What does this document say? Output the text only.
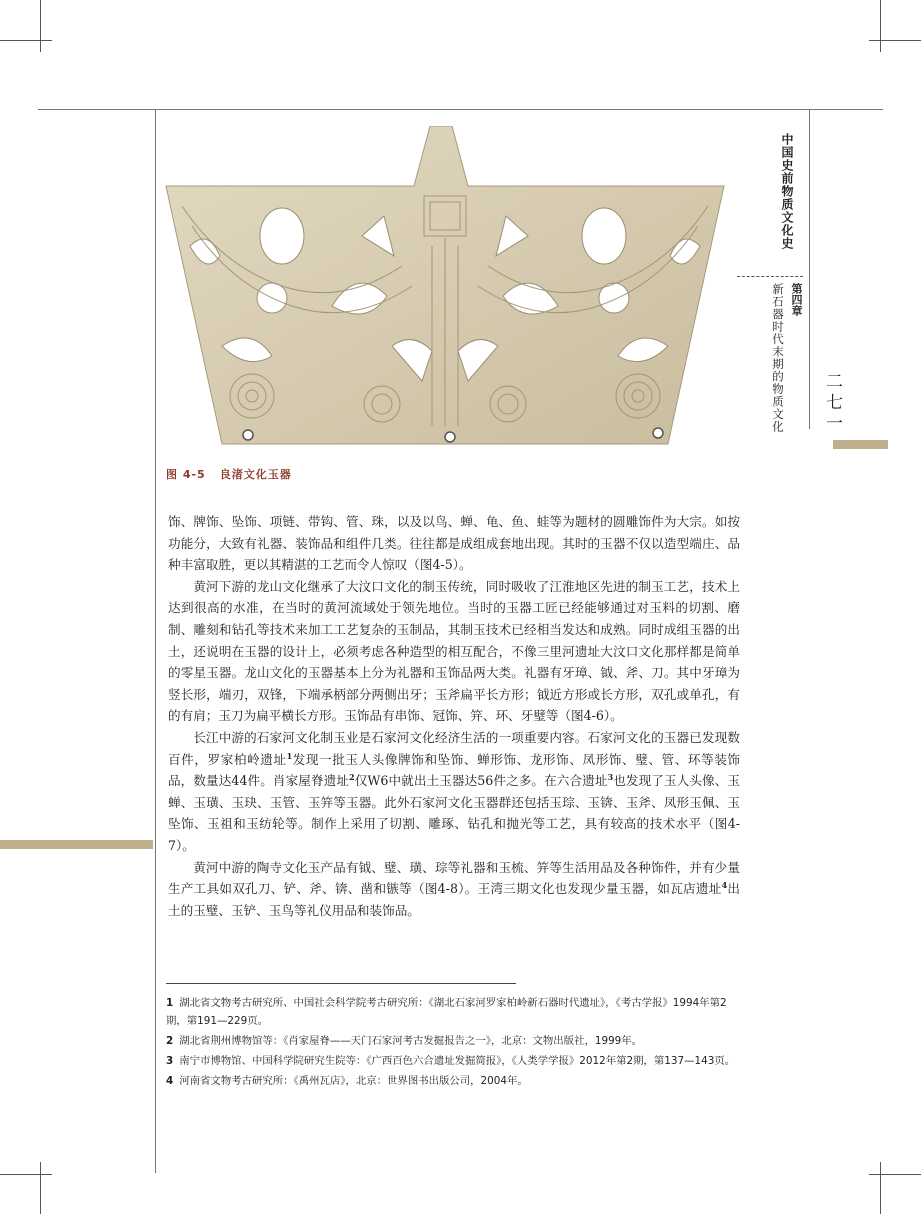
图 4-5 良渚文化玉器
中国史前物质文化史
第四章
新石器时代末期的物质文化 二七一

饰、牌饰、坠饰、项链、带钩、管、珠，以及以鸟、蝉、龟、鱼、蛙等为题材的圆雕饰件为大宗。如按功能分，大致有礼器、装饰品和组件几类。往往都是成组成套地出现。其时的玉器不仅以造型端庄、品种丰富取胜，更以其精湛的工艺而令人惊叹（图4-5）。

黄河下游的龙山文化继承了大汶口文化的制玉传统，同时吸收了江淮地区先进的制玉工艺，技术上达到很高的水准，在当时的黄河流域处于领先地位。当时的玉器工匠已经能够通过对玉料的切割、磨制、雕刻和钻孔等技术来加工工艺复杂的玉制品，其制玉技术已经相当发达和成熟。同时成组玉器的出土，还说明在玉器的设计上，必须考虑各种造型的相互配合，不像三里河遗址大汶口文化那样都是简单的零星玉器。龙山文化的玉器基本上分为礼器和玉饰品两大类。礼器有牙璋、钺、斧、刀。其中牙璋为竖长形，端刃，双锋，下端承柄部分两侧出牙；玉斧扁平长方形；钺近方形或长方形，双孔或单孔，有的有肩；玉刀为扁平横长方形。玉饰品有串饰、冠饰、笄、环、牙璧等（图4-6）。

长江中游的石家河文化制玉业是石家河文化经济生活的一项重要内容。石家河文化的玉器已发现数百件，罗家柏岭遗址$^1$发现一批玉人头像牌饰和坠饰、蝉形饰、龙形饰、凤形饰、璧、管、环等装饰品，数量达44件。肖家屋脊遗址$^2$仅W6中就出土玉器达56件之多。在六合遗址$^3$也发现了玉人头像、玉蝉、玉璜、玉玦、玉管、玉笄等玉器。此外石家河文化玉器群还包括玉琮、玉锛、玉斧、凤形玉佩、玉坠饰、玉祖和玉纺轮等。制作上采用了切割、雕琢、钻孔和抛光等工艺，具有较高的技术水平（图4-7）。

黄河中游的陶寺文化玉产品有钺、璧、璜、琮等礼器和玉梳、笄等生活用品及各种饰件，并有少量生产工具如双孔刀、铲、斧、锛、凿和镞等（图4-8）。王湾三期文化也发现少量玉器，如瓦店遗址$^4$出土的玉璧、玉铲、玉鸟等礼仪用品和装饰品。

1 湖北省文物考古研究所、中国社会科学院考古研究所：《湖北石家河罗家柏岭新石器时代遗址》，《考古学报》1994年第2期，第191—229页。

2 湖北省荆州博物馆等：《肖家屋脊——天门石家河考古发掘报告之一》，北京：文物出版社，1999年。

3 南宁市博物馆、中国科学院研究生院等：《广西百色六合遗址发掘简报》，《人类学学报》2012年第2期，第137—143页。

4 河南省文物考古研究所：《禹州瓦店》，北京：世界图书出版公司，2004年。
